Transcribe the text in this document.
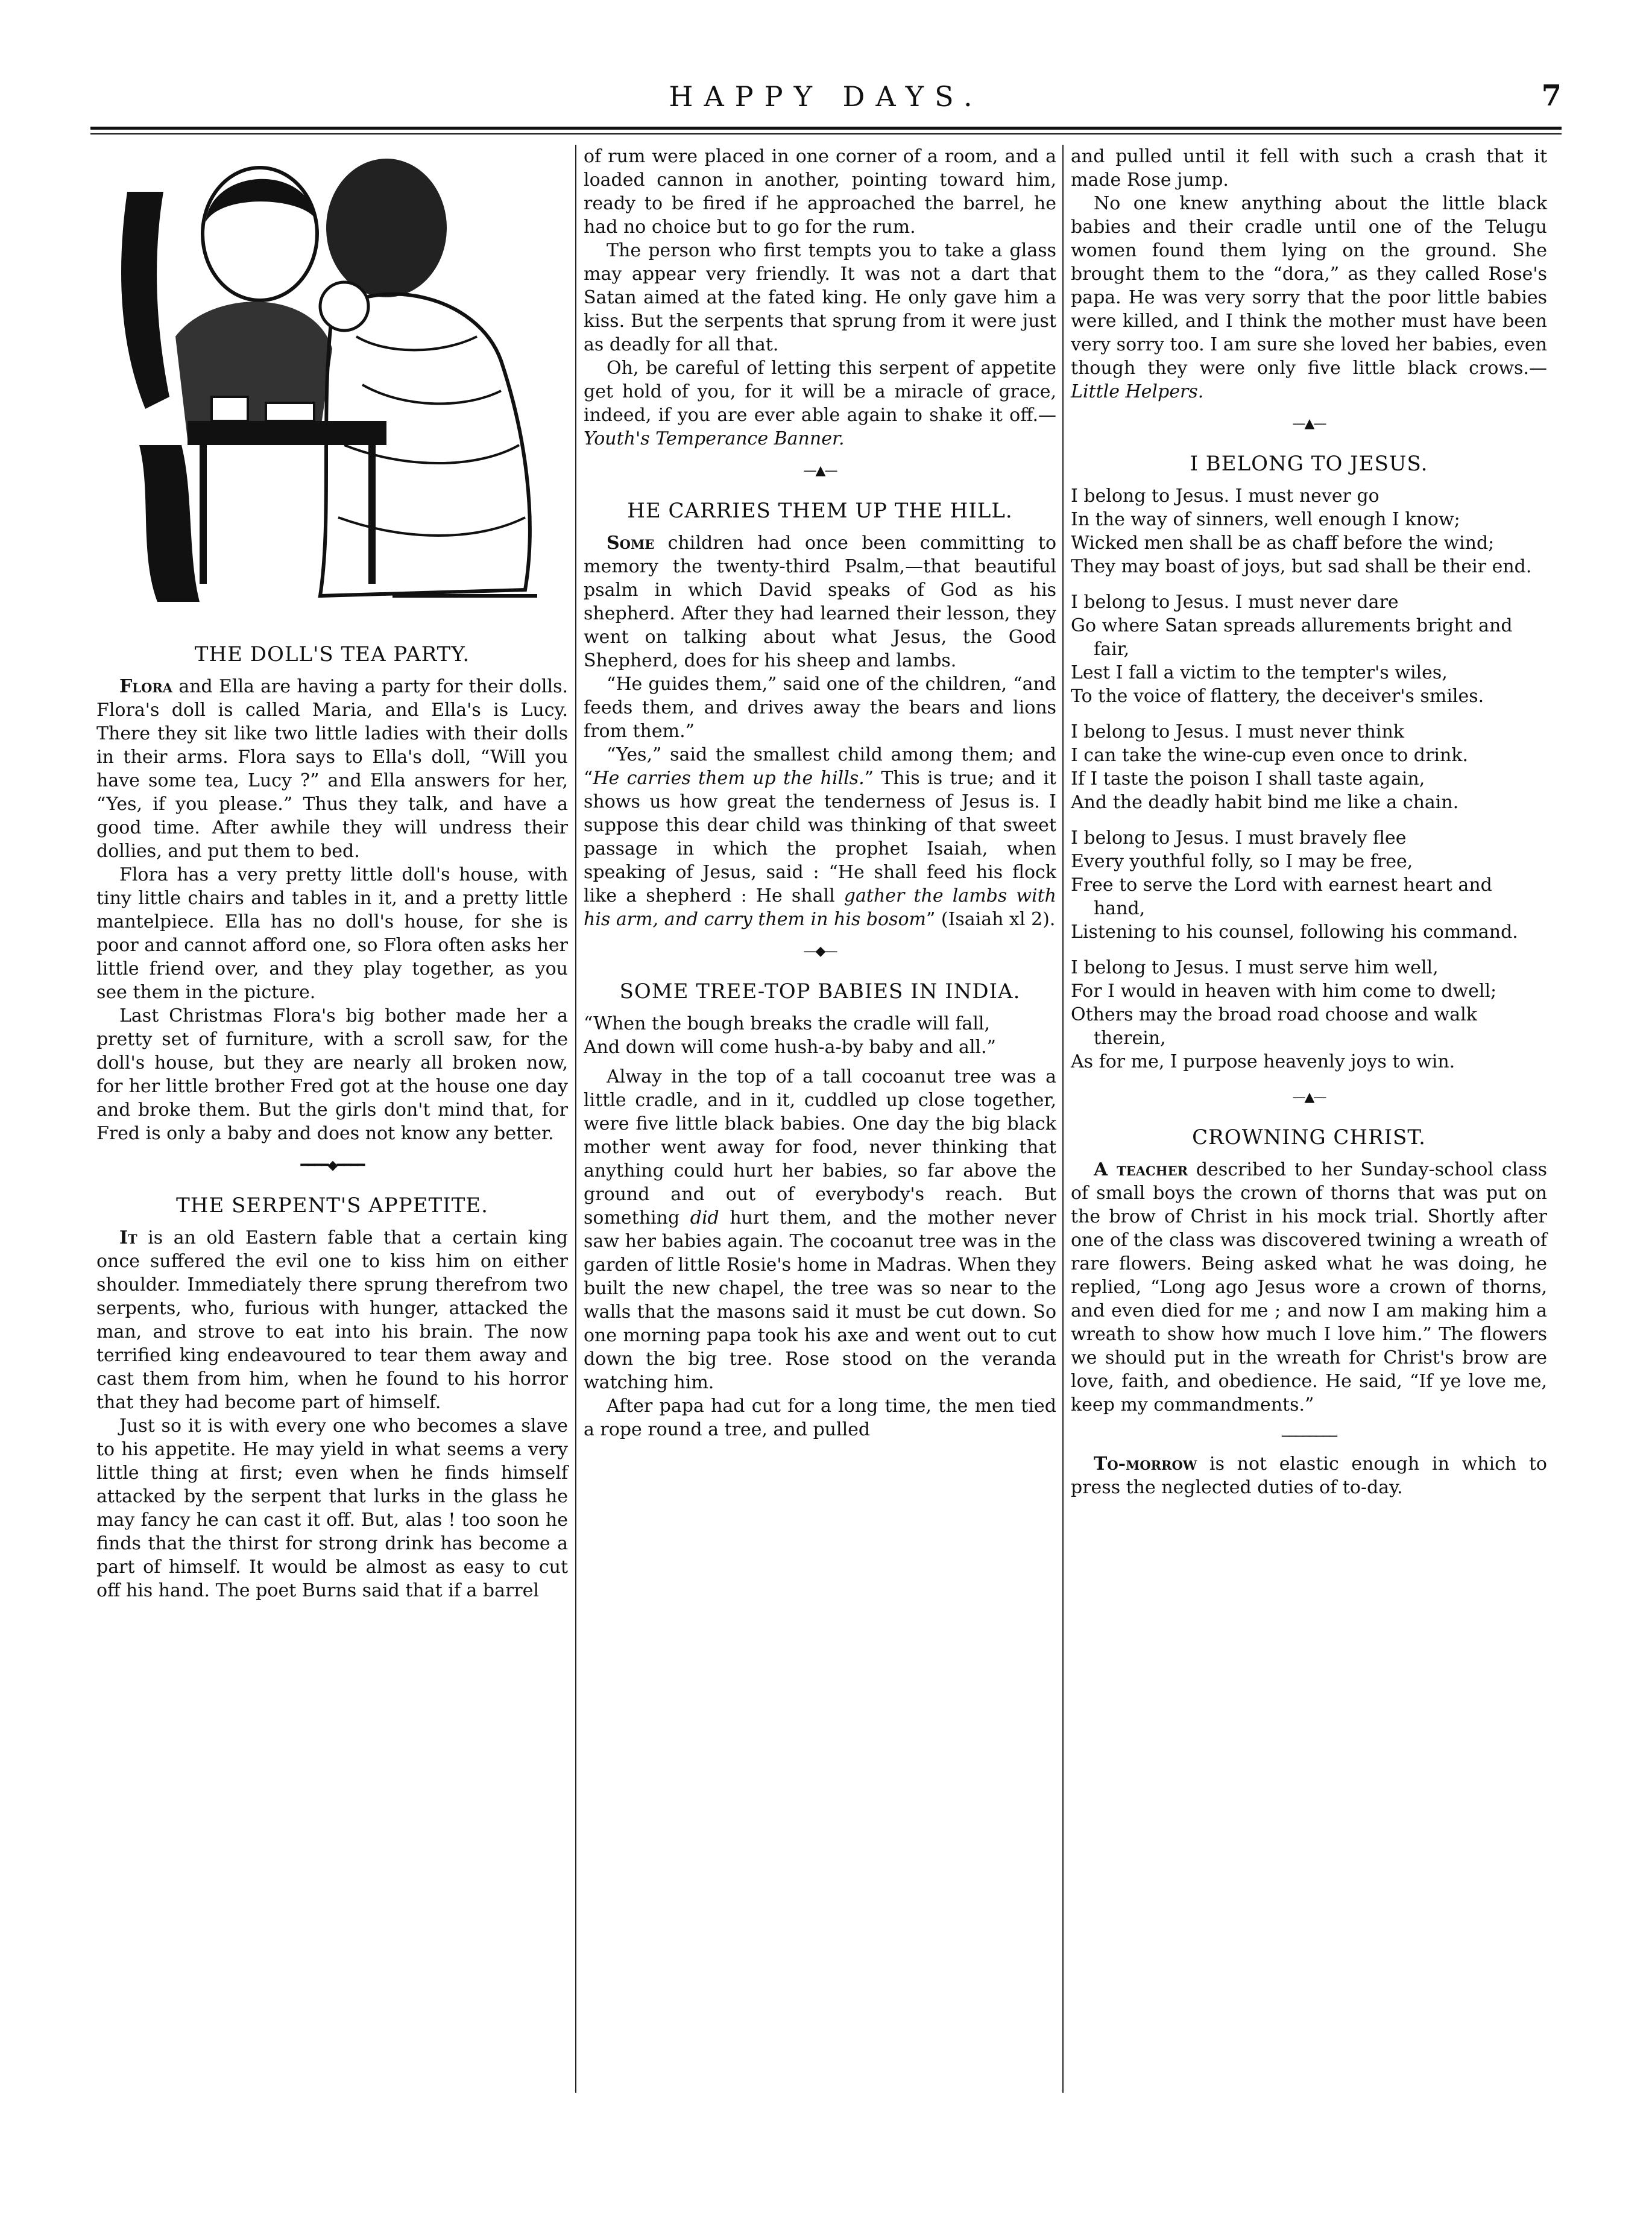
HAPPY DAYS.	7
THE DOLL'S TEA PARTY.

Flora and Ella are having a party for their dolls. Flora's doll is called Maria, and Ella's is Lucy. There they sit like two little ladies with their dolls in their arms. Flora says to Ella's doll, “Will you have some tea, Lucy ?” and Ella answers for her, “Yes, if you please.” Thus they talk, and have a good time. After awhile they will undress their dollies, and put them to bed.

Flora has a very pretty little doll's house, with tiny little chairs and tables in it, and a pretty little mantelpiece. Ella has no doll's house, for she is poor and cannot afford one, so Flora often asks her little friend over, and they play together, as you see them in the picture.

Last Christmas Flora's big bother made her a pretty set of furniture, with a scroll saw, for the doll's house, but they are nearly all broken now, for her little brother Fred got at the house one day and broke them. But the girls don't mind that, for Fred is only a baby and does not know any better.

━━━━◆━━━━
THE SERPENT'S APPETITE.

It is an old Eastern fable that a certain king once suffered the evil one to kiss him on either shoulder. Immediately there sprung therefrom two serpents, who, furious with hunger, attacked the man, and strove to eat into his brain. The now terrified king endeavoured to tear them away and cast them from him, when he found to his horror that they had become part of himself.

Just so it is with every one who becomes a slave to his appetite. He may yield in what seems a very little thing at first; even when he finds himself attacked by the serpent that lurks in the glass he may fancy he can cast it off. But, alas ! too soon he finds that the thirst for strong drink has become a part of himself. It would be almost as easy to cut off his hand. The poet Burns said that if a barrel

of rum were placed in one corner of a room, and a loaded cannon in another, pointing toward him, ready to be fired if he approached the barrel, he had no choice but to go for the rum.

The person who first tempts you to take a glass may appear very friendly. It was not a dart that Satan aimed at the fated king. He only gave him a kiss. But the serpents that sprung from it were just as deadly for all that.

Oh, be careful of letting this serpent of appetite get hold of you, for it will be a miracle of grace, indeed, if you are ever able again to shake it off.—Youth's Temperance Banner.

—▲—
HE CARRIES THEM UP THE HILL.

Some children had once been committing to memory the twenty-third Psalm,—that beautiful psalm in which David speaks of God as his shepherd. After they had learned their lesson, they went on talking about what Jesus, the Good Shepherd, does for his sheep and lambs.

“He guides them,” said one of the children, “and feeds them, and drives away the bears and lions from them.”

“Yes,” said the smallest child among them; and “He carries them up the hills.” This is true; and it shows us how great the tenderness of Jesus is. I suppose this dear child was thinking of that sweet passage in which the prophet Isaiah, when speaking of Jesus, said : “He shall feed his flock like a shepherd : He shall gather the lambs with his arm, and carry them in his bosom” (Isaiah xl 2).

—◆—
SOME TREE-TOP BABIES IN INDIA.

“When the bough breaks the cradle will fall,

And down will come hush-a-by baby and all.”

Alway in the top of a tall cocoanut tree was a little cradle, and in it, cuddled up close together, were five little black babies. One day the big black mother went away for food, never thinking that anything could hurt her babies, so far above the ground and out of everybody's reach. But something did hurt them, and the mother never saw her babies again. The cocoanut tree was in the garden of little Rosie's home in Madras. When they built the new chapel, the tree was so near to the walls that the masons said it must be cut down. So one morning papa took his axe and went out to cut down the big tree. Rose stood on the veranda watching him.

After papa had cut for a long time, the men tied a rope round a tree, and pulled

and pulled until it fell with such a crash that it made Rose jump.

No one knew anything about the little black babies and their cradle until one of the Telugu women found them lying on the ground. She brought them to the “dora,” as they called Rose's papa. He was very sorry that the poor little babies were killed, and I think the mother must have been very sorry too. I am sure she loved her babies, even though they were only five little black crows.—Little Helpers.

—▲—
I BELONG TO JESUS.

I belong to Jesus. I must never go

In the way of sinners, well enough I know;

Wicked men shall be as chaff before the wind;

They may boast of joys, but sad shall be their end.

I belong to Jesus. I must never dare

Go where Satan spreads allurements bright and fair,

Lest I fall a victim to the tempter's wiles,

To the voice of flattery, the deceiver's smiles.

I belong to Jesus. I must never think

I can take the wine-cup even once to drink.

If I taste the poison I shall taste again,

And the deadly habit bind me like a chain.

I belong to Jesus. I must bravely flee

Every youthful folly, so I may be free,

Free to serve the Lord with earnest heart and hand,

Listening to his counsel, following his command.

I belong to Jesus. I must serve him well,

For I would in heaven with him come to dwell;

Others may the broad road choose and walk therein,

As for me, I purpose heavenly joys to win.

—▲—
CROWNING CHRIST.

A teacher described to her Sunday-school class of small boys the crown of thorns that was put on the brow of Christ in his mock trial. Shortly after one of the class was discovered twining a wreath of rare flowers. Being asked what he was doing, he replied, “Long ago Jesus wore a crown of thorns, and even died for me ; and now I am making him a wreath to show how much I love him.” The flowers we should put in the wreath for Christ's brow are love, faith, and obedience. He said, “If ye love me, keep my commandments.”

────────

To-morrow is not elastic enough in which to press the neglected duties of to-day.
